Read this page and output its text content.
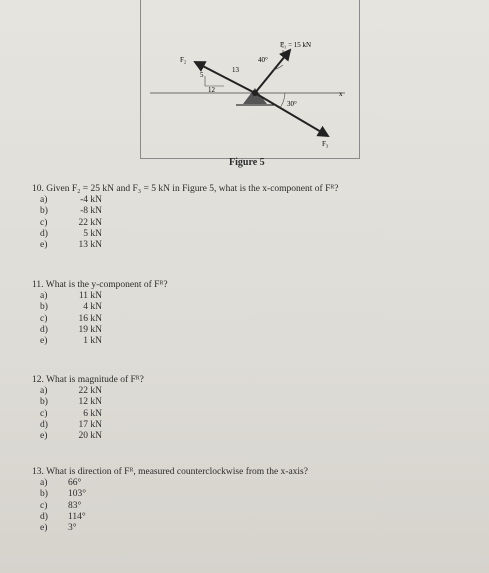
F₁ = 15 kN
40°
F₂
13
5
12
30°
x
F₃
Figure 5
10. Given F₂ = 25 kN and F₃ = 5 kN in Figure 5, what is the x-component of Fᴿ?
a)	-4 kN
b)	-8 kN
c)	22 kN
d)	5 kN
e)	13 kN
11. What is the y-component of Fᴿ?
a)	11 kN
b)	4 kN
c)	16 kN
d)	19 kN
e)	1 kN
12. What is magnitude of Fᴿ?
a)	22 kN
b)	12 kN
c)	6 kN
d)	17 kN
e)	20 kN
13. What is direction of Fᴿ, measured counterclockwise from the x-axis?
a)	66°
b)	103°
c)	83°
d)	114°
e)	3°
